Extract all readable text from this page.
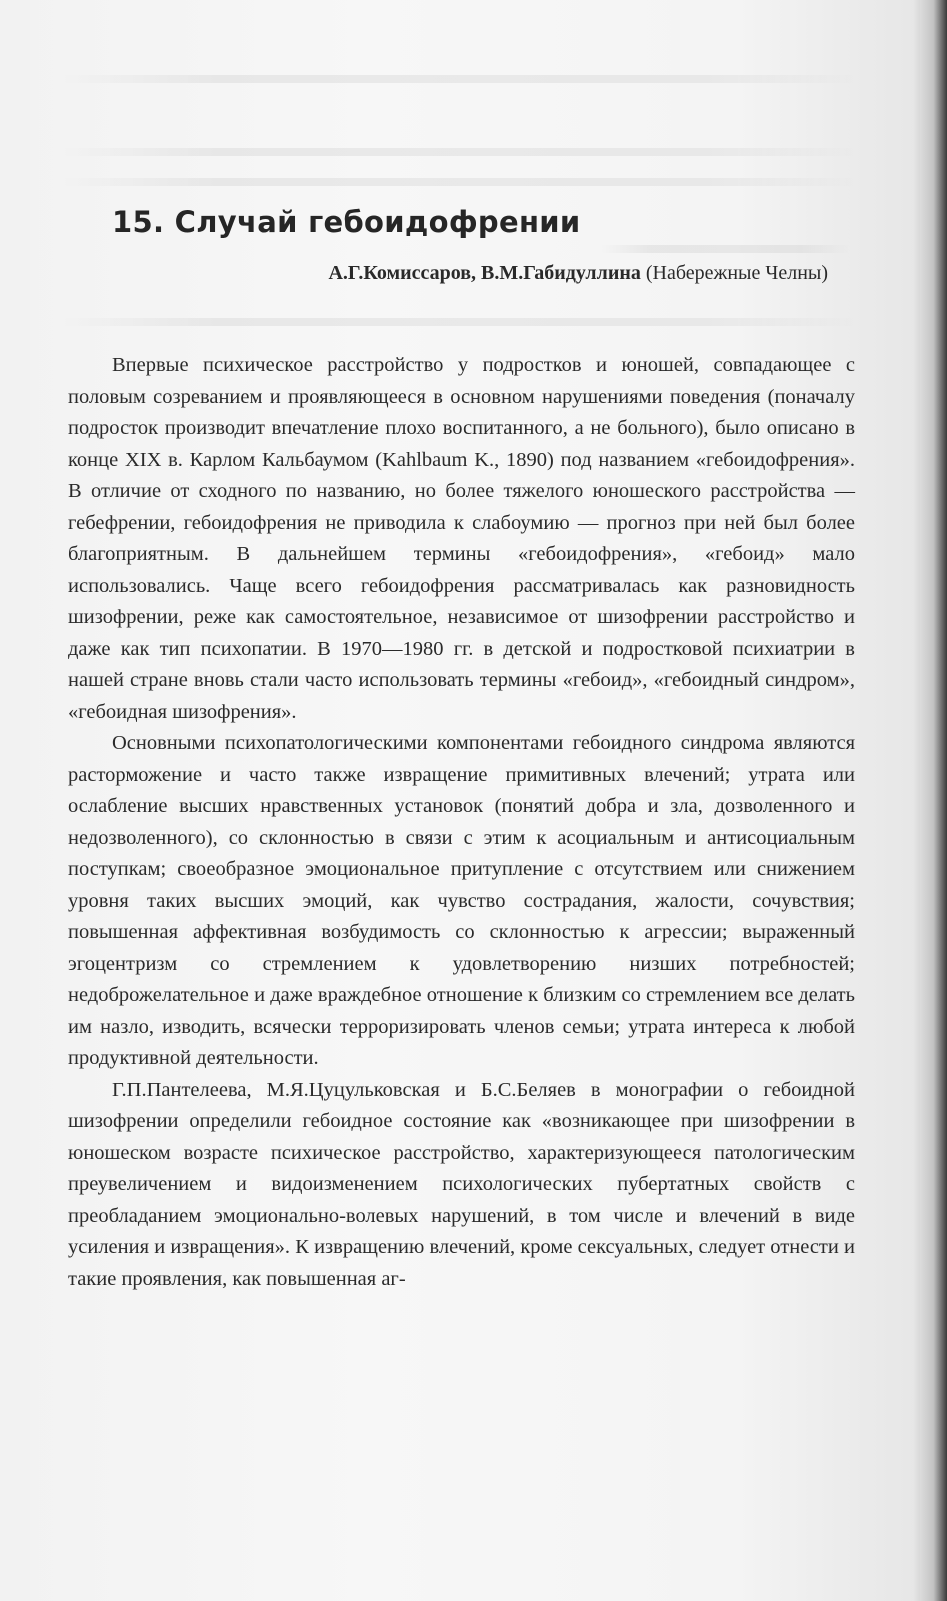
15. Случай гебоидофрении
А.Г.Комиссаров, В.М.Габидуллина (Набережные Челны)

Впервые психическое расстройство у подростков и юношей, совпадающее с половым созреванием и проявляющееся в основном нарушениями поведения (поначалу подросток производит впечатление плохо воспитанного, а не больного), было описано в конце XIX в. Карлом Кальбаумом (Kahlbaum K., 1890) под названием «гебоидофрения». В отличие от сходного по названию, но более тяжелого юношеского расстройства — гебефрении, гебоидофрения не приводила к слабоумию — прогноз при ней был более благоприятным. В дальнейшем термины «гебоидофрения», «гебоид» мало использовались. Чаще всего гебоидофрения рассматривалась как разновидность шизофрении, реже как самостоятельное, независимое от шизофрении расстройство и даже как тип психопатии. В 1970—1980 гг. в детской и подростковой психиатрии в нашей стране вновь стали часто использовать термины «гебоид», «гебоидный синдром», «гебоидная шизофрения».

Основными психопатологическими компонентами гебоидного синдрома являются расторможение и часто также извращение примитивных влечений; утрата или ослабление высших нравственных установок (понятий добра и зла, дозволенного и недозволенного), со склонностью в связи с этим к асоциальным и антисоциальным поступкам; своеобразное эмоциональное притупление с отсутствием или снижением уровня таких высших эмоций, как чувство сострадания, жалости, сочувствия; повышенная аффективная возбудимость со склонностью к агрессии; выраженный эгоцентризм со стремлением к удовлетворению низших потребностей; недоброжелательное и даже враждебное отношение к близким со стремлением все делать им назло, изводить, всячески терроризировать членов семьи; утрата интереса к любой продуктивной деятельности.

Г.П.Пантелеева, М.Я.Цуцульковская и Б.С.Беляев в монографии о гебоидной шизофрении определили гебоидное состояние как «возникающее при шизофрении в юношеском возрасте психическое расстройство, характеризующееся патологическим преувеличением и видоизменением психологических пубертатных свойств с преобладанием эмоционально-волевых нарушений, в том числе и влечений в виде усиления и извращения». К извращению влечений, кроме сексуальных, следует отнести и такие проявления, как повышенная аг-
